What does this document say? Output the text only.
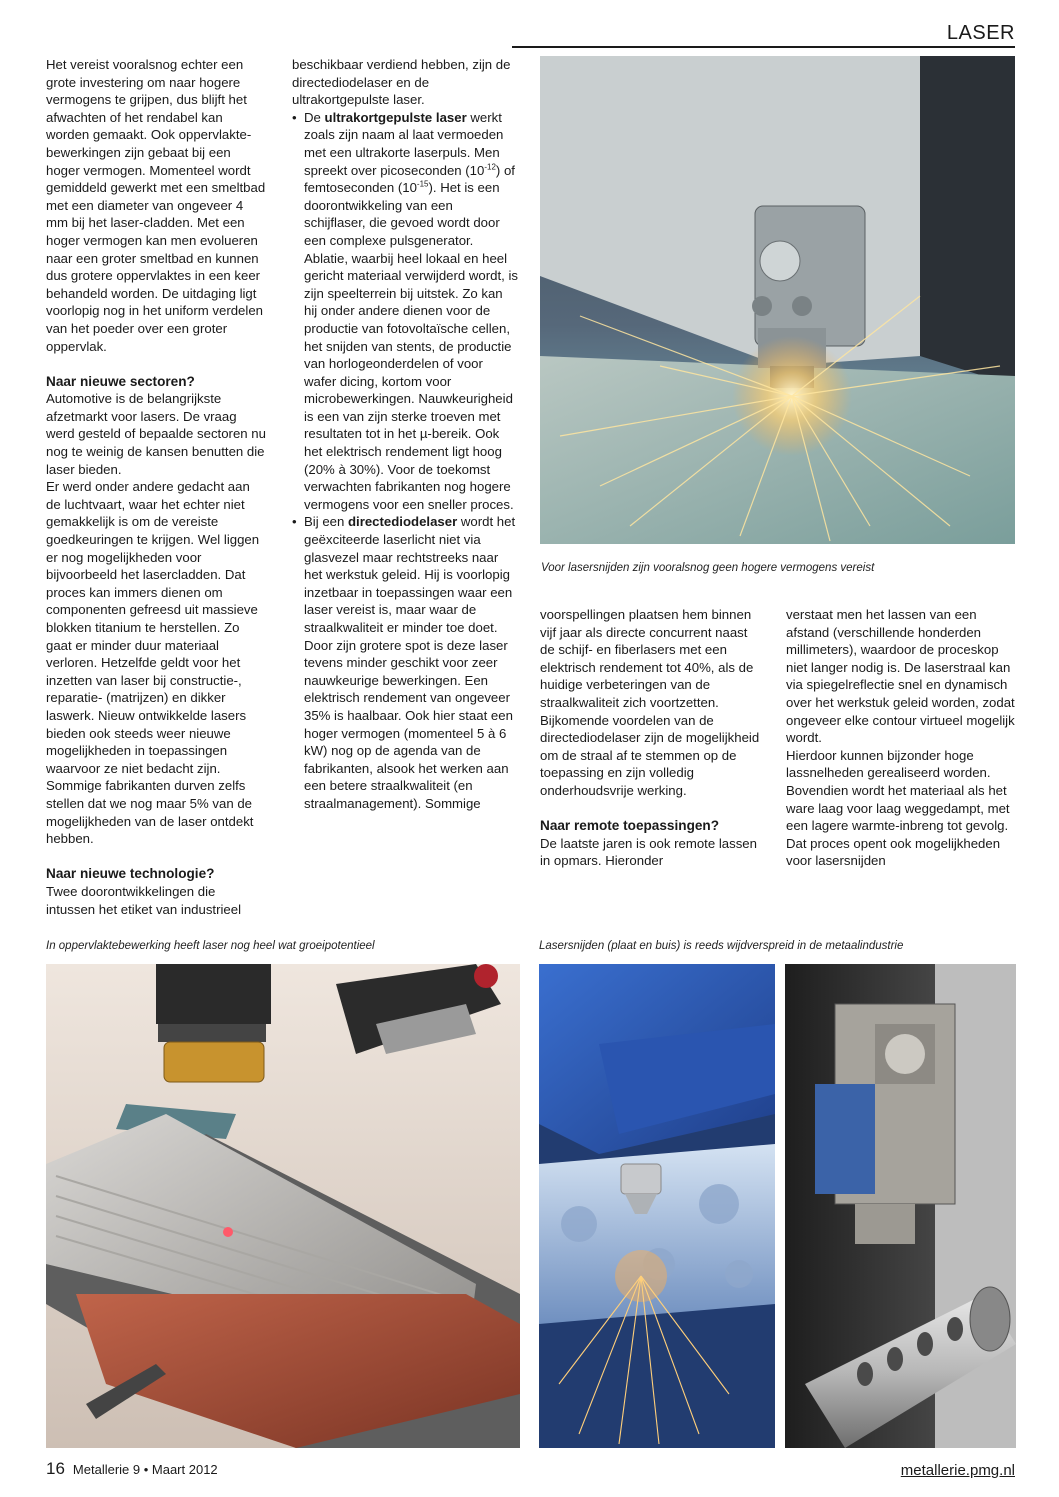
LASER

Het vereist vooralsnog echter een grote investering om naar hogere vermogens te grijpen, dus blijft het afwachten of het rendabel kan worden gemaakt. Ook oppervlakte-bewerkingen zijn gebaat bij een hoger vermogen. Momenteel wordt gemiddeld gewerkt met een smeltbad met een diameter van ongeveer 4 mm bij het laser-cladden. Met een hoger vermogen kan men evolueren naar een groter smeltbad en kunnen dus grotere oppervlaktes in een keer behandeld worden. De uitdaging ligt voorlopig nog in het uniform verdelen van het poeder over een groter oppervlak.

Naar nieuwe sectoren?

Automotive is de belangrijkste afzetmarkt voor lasers. De vraag werd gesteld of bepaalde sectoren nu nog te weinig de kansen benutten die laser bieden.

Er werd onder andere gedacht aan de luchtvaart, waar het echter niet gemakkelijk is om de vereiste goedkeuringen te krijgen. Wel liggen er nog mogelijkheden voor bijvoorbeeld het lasercladden. Dat proces kan immers dienen om componenten gefreesd uit massieve blokken titanium te herstellen. Zo gaat er minder duur materiaal verloren. Hetzelfde geldt voor het inzetten van laser bij constructie-, reparatie- (matrijzen) en dikker laswerk. Nieuw ontwikkelde lasers bieden ook steeds weer nieuwe mogelijkheden in toepassingen waarvoor ze niet bedacht zijn. Sommige fabrikanten durven zelfs stellen dat we nog maar 5% van de mogelijkheden van de laser ontdekt hebben.

Naar nieuwe technologie?

Twee doorontwikkelingen die intussen het etiket van industrieel

beschikbaar verdiend hebben, zijn de directediodelaser en de ultrakortgepulste laser.

• De ultrakortgepulste laser werkt zoals zijn naam al laat vermoeden met een ultrakorte laserpuls. Men spreekt over picoseconden $(10^{-12})$ of femtoseconden $(10^{-15})$. Het is een doorontwikkeling van een schijflaser, die gevoed wordt door een complexe pulsgenerator. Ablatie, waarbij heel lokaal en heel gericht materiaal verwijderd wordt, is zijn speelterrein bij uitstek. Zo kan hij onder andere dienen voor de productie van fotovoltaïsche cellen, het snijden van stents, de productie van horlogeonderdelen of voor wafer dicing, kortom voor microbewerkingen. Nauwkeurigheid is een van zijn sterke troeven met resultaten tot in het µ-bereik. Ook het elektrisch rendement ligt hoog (20% à 30%). Voor de toekomst verwachten fabrikanten nog hogere vermogens voor een sneller proces.
• Bij een directediodelaser wordt het geëxciteerde laserlicht niet via glasvezel maar rechtstreeks naar het werkstuk geleid. Hij is voorlopig inzetbaar in toepassingen waar een laser vereist is, maar waar de straalkwaliteit er minder toe doet. Door zijn grotere spot is deze laser tevens minder geschikt voor zeer nauwkeurige bewerkingen. Een elektrisch rendement van ongeveer 35% is haalbaar. Ook hier staat een hoger vermogen (momenteel 5 à 6 kW) nog op de agenda van de fabrikanten, alsook het werken aan een betere straalkwaliteit (en straalmanagement). Sommige
Voor lasersnijden zijn vooralsnog geen hogere vermogens vereist

voorspellingen plaatsen hem binnen vijf jaar als directe concurrent naast de schijf- en fiberlasers met een elektrisch rendement tot 40%, als de huidige verbeteringen van de straalkwaliteit zich voortzetten. Bijkomende voordelen van de directediodelaser zijn de mogelijkheid om de straal af te stemmen op de toepassing en zijn volledig onderhoudsvrije werking.

Naar remote toepassingen?

De laatste jaren is ook remote lassen in opmars. Hieronder

verstaat men het lassen van een afstand (verschillende honderden millimeters), waardoor de proceskop niet langer nodig is. De laserstraal kan via spiegelreflectie snel en dynamisch over het werkstuk geleid worden, zodat ongeveer elke contour virtueel mogelijk wordt.

Hierdoor kunnen bijzonder hoge lassnelheden gerealiseerd worden. Bovendien wordt het materiaal als het ware laag voor laag weggedampt, met een lagere warmte-inbreng tot gevolg.

Dat proces opent ook mogelijkheden voor lasersnijden

In oppervlaktebewerking heeft laser nog heel wat groeipotentieel	Lasersnijden (plaat en buis) is reeds wijdverspreid in de metaalindustrie
16 Metallerie 9 • Maart 2012	metallerie.pmg.nl
